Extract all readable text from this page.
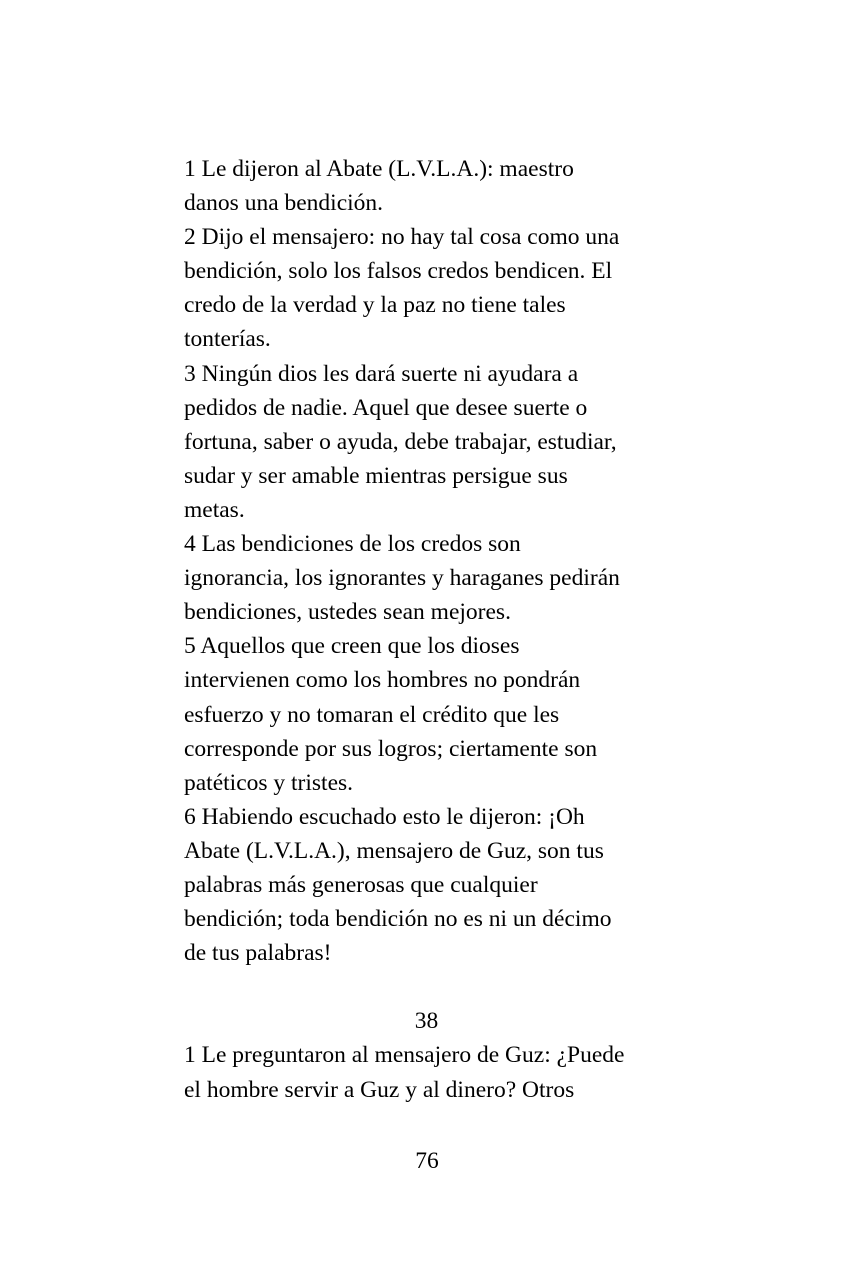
1 Le dijeron al Abate (L.V.L.A.): maestro
danos una bendición.
2 Dijo el mensajero: no hay tal cosa como una
bendición, solo los falsos credos bendicen. El
credo de la verdad y la paz no tiene tales
tonterías.
3 Ningún dios les dará suerte ni ayudara a
pedidos de nadie. Aquel que desee suerte o
fortuna, saber o ayuda, debe trabajar, estudiar,
sudar y ser amable mientras persigue sus
metas.
4 Las bendiciones de los credos son
ignorancia, los ignorantes y haraganes pedirán
bendiciones, ustedes sean mejores.
5 Aquellos que creen que los dioses
intervienen como los hombres no pondrán
esfuerzo y no tomaran el crédito que les
corresponde por sus logros; ciertamente son
patéticos y tristes.
6 Habiendo escuchado esto le dijeron: ¡Oh
Abate (L.V.L.A.), mensajero de Guz, son tus
palabras más generosas que cualquier
bendición; toda bendición no es ni un décimo
de tus palabras!
38
1 Le preguntaron al mensajero de Guz: ¿Puede
el hombre servir a Guz y al dinero? Otros
76
